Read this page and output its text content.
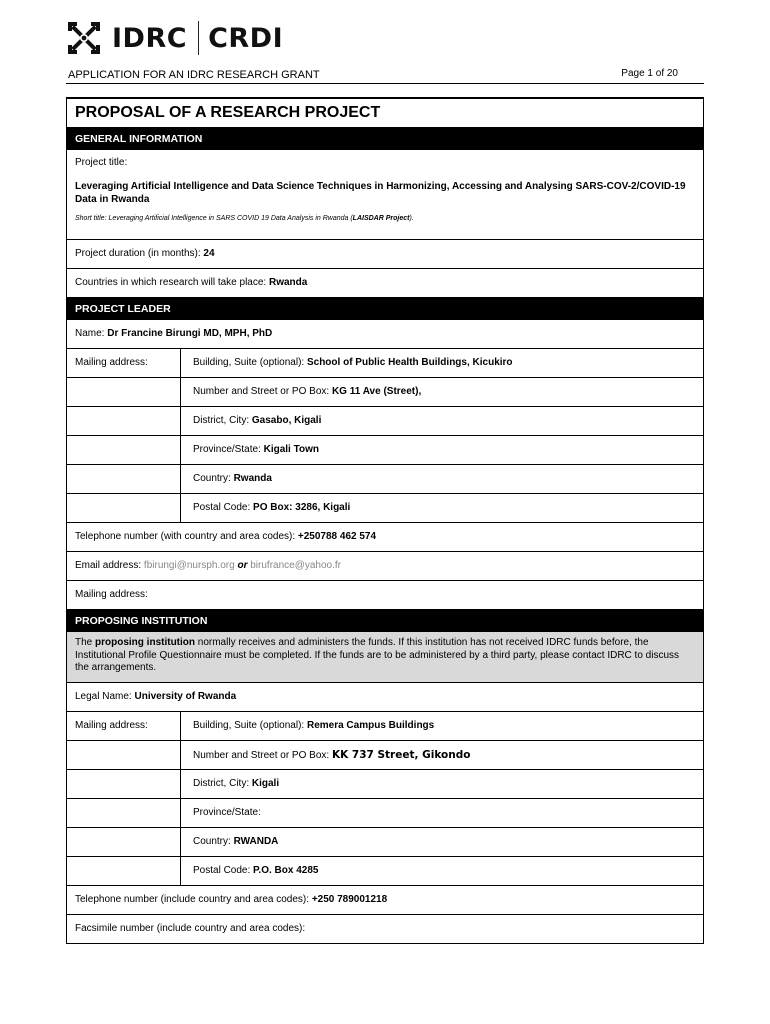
IDRC CRDI
APPLICATION FOR AN IDRC RESEARCH GRANT	Page 1 of 20
PROPOSAL OF A RESEARCH PROJECT
GENERAL INFORMATION
Project title:
Leveraging Artificial Intelligence and Data Science Techniques in Harmonizing, Accessing and Analysing SARS-COV-2/COVID-19 Data in Rwanda
Short title: Leveraging Artificial Intelligence in SARS COVID 19 Data Analysis in Rwanda (LAISDAR Project).
Project duration (in months): 24
Countries in which research will take place: Rwanda
PROJECT LEADER
Name: Dr Francine Birungi MD, MPH, PhD
Mailing address:	Building, Suite (optional): School of Public Health Buildings, Kicukiro
Number and Street or PO Box: KG 11 Ave (Street),
District, City: Gasabo, Kigali
Province/State: Kigali Town
Country: Rwanda
Postal Code: PO Box: 3286, Kigali
Telephone number (with country and area codes): +250788 462 574
Email address: fbirungi@nursph.org or birufrance@yahoo.fr
Mailing address:
PROPOSING INSTITUTION
The proposing institution normally receives and administers the funds. If this institution has not received IDRC funds before, the Institutional Profile Questionnaire must be completed. If the funds are to be administered by a third party, please contact IDRC to discuss the arrangements.
Legal Name: University of Rwanda
Mailing address:	Building, Suite (optional): Remera Campus Buildings
Number and Street or PO Box: KK 737 Street, Gikondo
District, City: Kigali
Province/State:
Country: RWANDA
Postal Code: P.O. Box 4285
Telephone number (include country and area codes): +250 789001218
Facsimile number (include country and area codes):
